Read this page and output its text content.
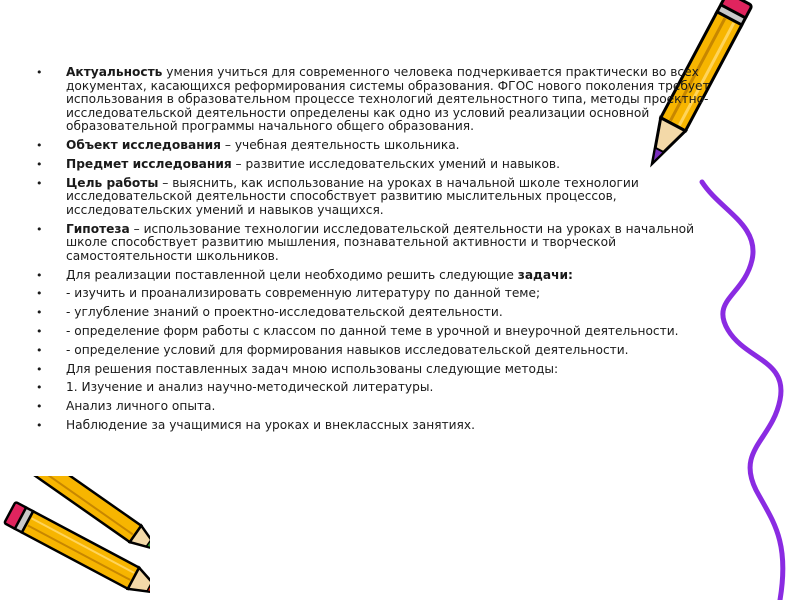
• Актуальность умения учиться для современного человека подчеркивается практически во всех документах, касающихся реформирования системы образования. ФГОС нового поколения требует использования в образовательном процессе технологий деятельностного типа, методы проектно-исследовательской деятельности определены как одно из условий реализации основной образовательной программы начального общего образования.
• Объект исследования – учебная деятельность школьника.
• Предмет исследования – развитие исследовательских умений и навыков.
• Цель работы – выяснить, как использование на уроках в начальной школе технологии исследовательской деятельности способствует развитию мыслительных процессов, исследовательских умений и навыков учащихся.
• Гипотеза – использование технологии исследовательской деятельности на уроках в начальной школе способствует развитию мышления, познавательной активности и творческой самостоятельности школьников.
• Для реализации поставленной цели необходимо решить следующие задачи:
• - изучить и проанализировать современную литературу по данной теме;
• - углубление знаний о проектно-исследовательской деятельности.
• - определение форм работы с классом по данной теме в урочной и внеурочной деятельности.
• - определение условий для формирования навыков исследовательской деятельности.
• Для решения поставленных задач мною использованы следующие методы:
• 1. Изучение и анализ научно-методической литературы.
• Анализ личного опыта.
• Наблюдение за учащимися на уроках и внеклассных занятиях.
